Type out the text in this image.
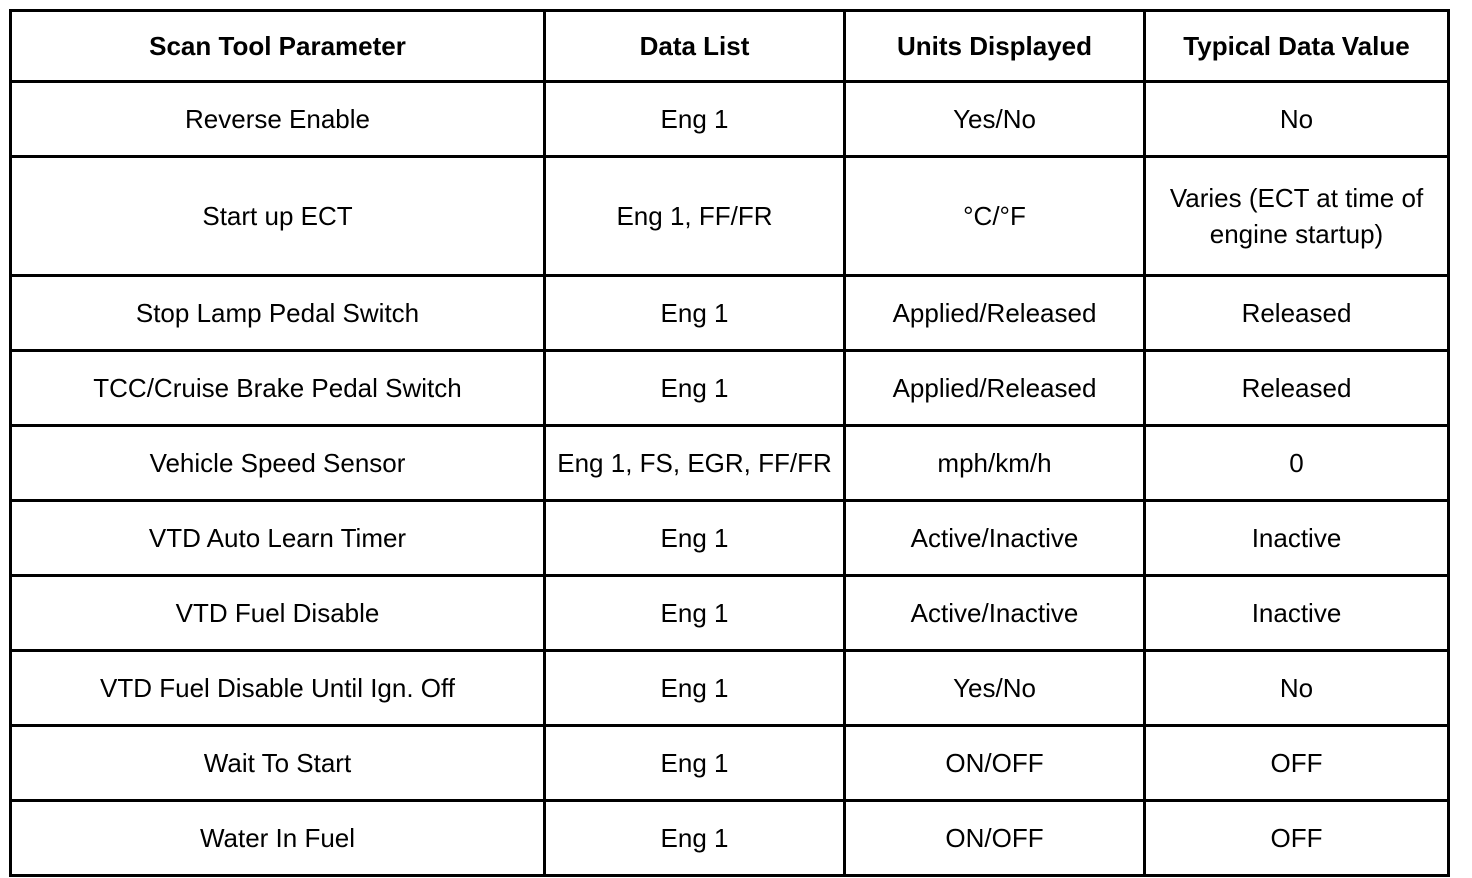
Scan Tool Parameter	Data List	Units Displayed	Typical Data Value
Reverse Enable	Eng 1	Yes/No	No
Start up ECT	Eng 1, FF/FR	°C/°F	Varies (ECT at time of engine startup)
Stop Lamp Pedal Switch	Eng 1	Applied/Released	Released
TCC/Cruise Brake Pedal Switch	Eng 1	Applied/Released	Released
Vehicle Speed Sensor	Eng 1, FS, EGR, FF/FR	mph/km/h	0
VTD Auto Learn Timer	Eng 1	Active/Inactive	Inactive
VTD Fuel Disable	Eng 1	Active/Inactive	Inactive
VTD Fuel Disable Until Ign. Off	Eng 1	Yes/No	No
Wait To Start	Eng 1	ON/OFF	OFF
Water In Fuel	Eng 1	ON/OFF	OFF
